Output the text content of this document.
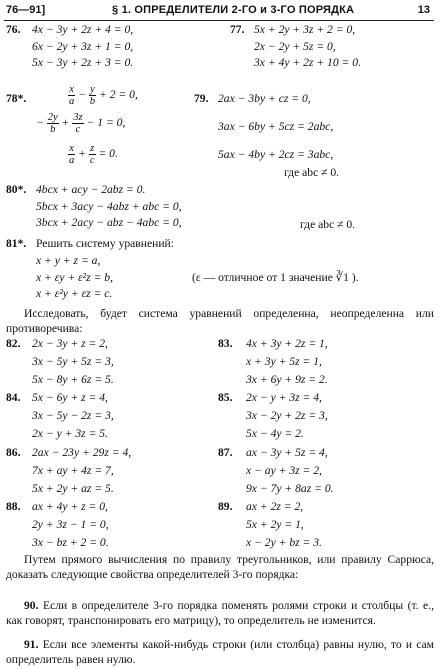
76—91]	§ 1. ОПРЕДЕЛИТЕЛИ 2-ГО и 3-ГО ПОРЯДКА	13
4x − 3y + 2z + 4 = 0,
6x − 2y + 3z + 1 = 0,
5x − 3y + 2z + 3 = 0.
76.	5x + 2y + 3z + 2 = 0,
2x − 2y + 5z = 0,
3x + 4y + 2z + 10 = 0.
77.
78*.	$\frac{x}{a} - \frac{y}{b} + 2 = 0$,
− $\frac{2y}{b} + \frac{3z}{c} - 1 = 0$,
$\frac{x}{a} + \frac{z}{c} = 0$.
79. 2ax − 3by + cz = 0,
3ax − 6by + 5cz = 2abc,
5ax − 4by + 2cz = 3abc,
где abc ≠ 0.
80*. 4bcx + acy − 2abz = 0.
5bcx + 3acy − 4abz + abc = 0,
3bcx + 2acy − abz − 4abc = 0,	где abc ≠ 0.
81*. Решить систему уравнений:
x + y + z = a,
x + εy + ε²z = b,
x + ε²y + εz = c.
(ε — отличное от 1 значение ∛1 ).
Исследовать, будет система уравнений определенна, неопределенна или противоречива:
82. 2x − 3y + z = 2,
3x − 5y + 5z = 3,
5x − 8y + 6z = 5.
83. 4x + 3y + 2z = 1,
x + 3y + 5z = 1,
3x + 6y + 9z = 2.
84. 5x − 6y + z = 4,
3x − 5y − 2z = 3,
2x − y + 3z = 5.
85. 2x − y + 3z = 4,
3x − 2y + 2z = 3,
5x − 4y = 2.
86. 2ax − 23y + 29z = 4,
7x + ay + 4z = 7,
5x + 2y + az = 5.
87. ax − 3y + 5z = 4,
x − ay + 3z = 2,
9x − 7y + 8az = 0.
88. ax + 4y + z = 0,
2y + 3z − 1 = 0,
3x − bz + 2 = 0.
89. ax + 2z = 2,
5x + 2y = 1,
x − 2y + bz = 3.
Путем прямого вычисления по правилу треугольников, или правилу Саррюса, доказать следующие свойства определителей 3-го порядка:
90. Если в определителе 3-го порядка поменять ролями строки и столбцы (т. е., как говорят, транспонировать его матрицу), то определитель не изменится.
91. Если все элементы какой-нибудь строки (или столбца) равны нулю, то и сам определитель равен нулю.
